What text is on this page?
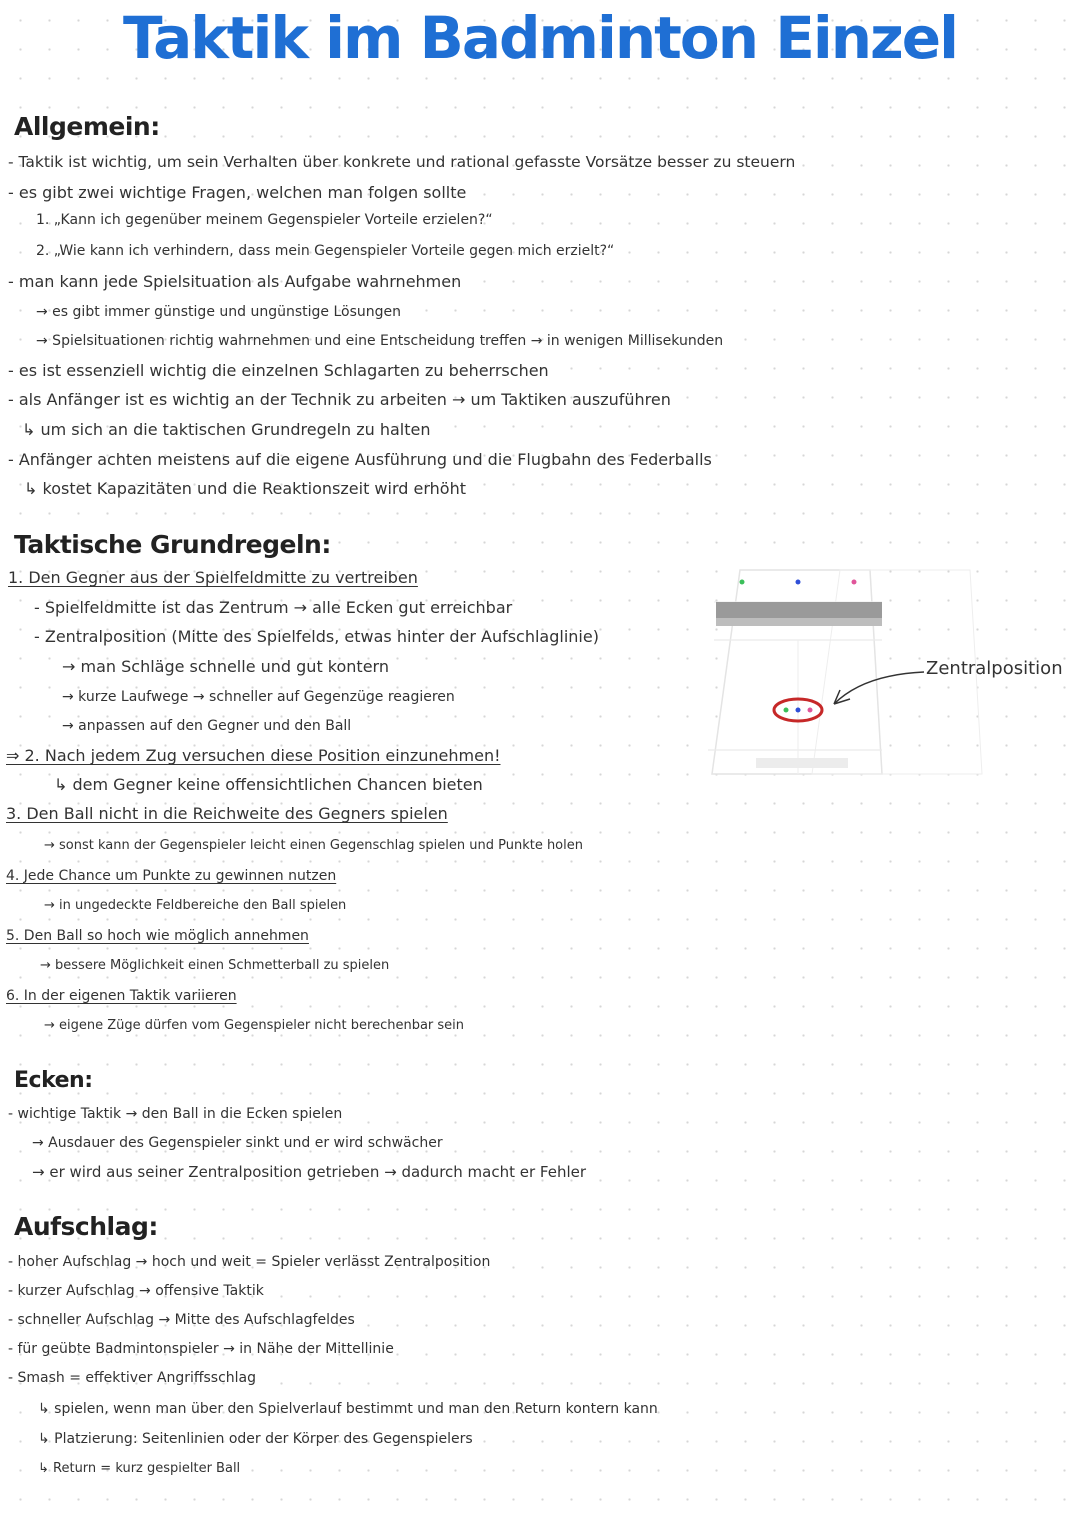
Taktik im Badminton Einzel
Allgemein:
- Taktik ist wichtig, um sein Verhalten über konkrete und rational gefasste Vorsätze besser zu steuern
- es gibt zwei wichtige Fragen, welchen man folgen sollte
1. „Kann ich gegenüber meinem Gegenspieler Vorteile erzielen?“
2. „Wie kann ich verhindern, dass mein Gegenspieler Vorteile gegen mich erzielt?“
- man kann jede Spielsituation als Aufgabe wahrnehmen
→ es gibt immer günstige und ungünstige Lösungen
→ Spielsituationen richtig wahrnehmen und eine Entscheidung treffen → in wenigen Millisekunden
- es ist essenziell wichtig die einzelnen Schlagarten zu beherrschen
- als Anfänger ist es wichtig an der Technik zu arbeiten → um Taktiken auszuführen
↳ um sich an die taktischen Grundregeln zu halten
- Anfänger achten meistens auf die eigene Ausführung und die Flugbahn des Federballs
↳ kostet Kapazitäten und die Reaktionszeit wird erhöht
Taktische Grundregeln:
1. Den Gegner aus der Spielfeldmitte zu vertreiben
- Spielfeldmitte ist das Zentrum → alle Ecken gut erreichbar
- Zentralposition (Mitte des Spielfelds, etwas hinter der Aufschlaglinie)
→ man Schläge schnelle und gut kontern
→ kurze Laufwege → schneller auf Gegenzüge reagieren
→ anpassen auf den Gegner und den Ball
⇒ 2. Nach jedem Zug versuchen diese Position einzunehmen!
↳ dem Gegner keine offensichtlichen Chancen bieten
3. Den Ball nicht in die Reichweite des Gegners spielen
→ sonst kann der Gegenspieler leicht einen Gegenschlag spielen und Punkte holen
4. Jede Chance um Punkte zu gewinnen nutzen
→ in ungedeckte Feldbereiche den Ball spielen
5. Den Ball so hoch wie möglich annehmen
→ bessere Möglichkeit einen Schmetterball zu spielen
6. In der eigenen Taktik variieren
→ eigene Züge dürfen vom Gegenspieler nicht berechenbar sein
Zentralposition
Ecken:
- wichtige Taktik → den Ball in die Ecken spielen
→ Ausdauer des Gegenspieler sinkt und er wird schwächer
→ er wird aus seiner Zentralposition getrieben → dadurch macht er Fehler
Aufschlag:
- hoher Aufschlag → hoch und weit = Spieler verlässt Zentralposition
- kurzer Aufschlag → offensive Taktik
- schneller Aufschlag → Mitte des Aufschlagfeldes
- für geübte Badmintonspieler → in Nähe der Mittellinie
- Smash = effektiver Angriffsschlag
↳ spielen, wenn man über den Spielverlauf bestimmt und man den Return kontern kann
↳ Platzierung: Seitenlinien oder der Körper des Gegenspielers
↳ Return = kurz gespielter Ball
